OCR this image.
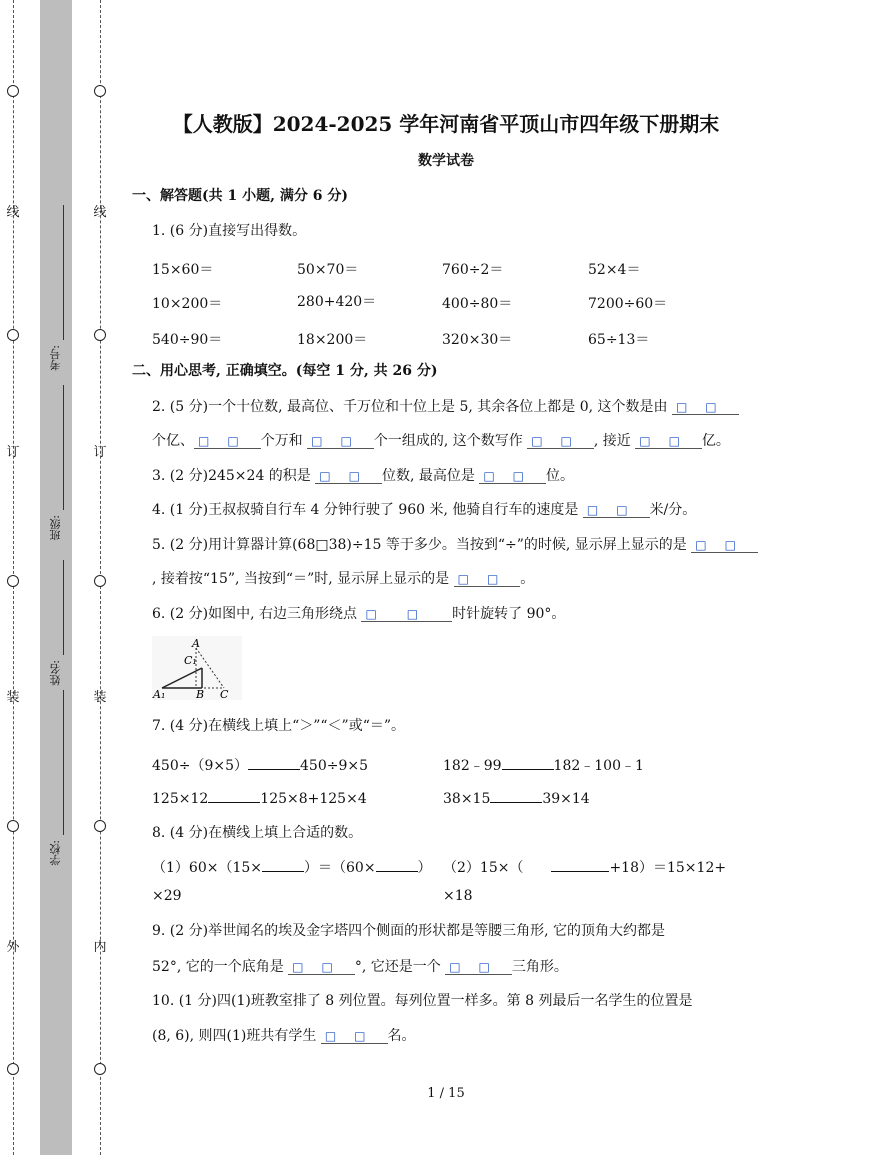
线
订
装
外
线
订
装
内
考号:
班级:
姓名:
学校:
【人教版】2024-2025 学年河南省平顶山市四年级下册期末
数学试卷
一、解答题(共 1 小题, 满分 6 分)
1. (6 分)直接写出得数。
15×60＝	50×70＝	760÷2＝	52×4＝
10×200＝	280+420＝	400÷80＝	7200÷60＝
540÷90＝	18×200＝	320×30＝	65÷13＝
二、用心思考, 正确填空。(每空 1 分, 共 26 分)
2. (5 分)一个十位数, 最高位、千万位和十位上是 5, 其余各位上都是 0, 这个数是由 □□
个亿、 □□ 个万和 □□ 个一组成的, 这个数写作 □□ , 接近 □□ 亿。
3. (2 分)245×24 的积是 □□ 位数, 最高位是 □□ 位。
4. (1 分)王叔叔骑自行车 4 分钟行驶了 960 米, 他骑自行车的速度是 □□ 米/分。
5. (2 分)用计算器计算(68□38)÷15 等于多少。当按到“÷”的时候, 显示屏上显示的是 □□
, 接着按“15”, 当按到“＝”时, 显示屏上显示的是 □□ 。
6. (2 分)如图中, 右边三角形绕点 □□ 时针旋转了 90°。
A
C₁
A₁	B C
7. (4 分)在横线上填上“＞”“＜”或“＝”。
450÷（9×5）	450÷9×5	182﹣99	182﹣100﹣1
125×12	125×8+125×4	38×15	39×14
8. (4 分)在横线上填上合适的数。
（1）60×（15×	）＝（60×	）
×29
（2）15×（	+18）＝15×12+
×18
9. (2 分)举世闻名的埃及金字塔四个侧面的形状都是等腰三角形, 它的顶角大约都是
52°, 它的一个底角是 □□ °, 它还是一个 □□ 三角形。
10. (1 分)四(1)班教室排了 8 列位置。每列位置一样多。第 8 列最后一名学生的位置是
(8, 6), 则四(1)班共有学生 □□ 名。
1 / 15
